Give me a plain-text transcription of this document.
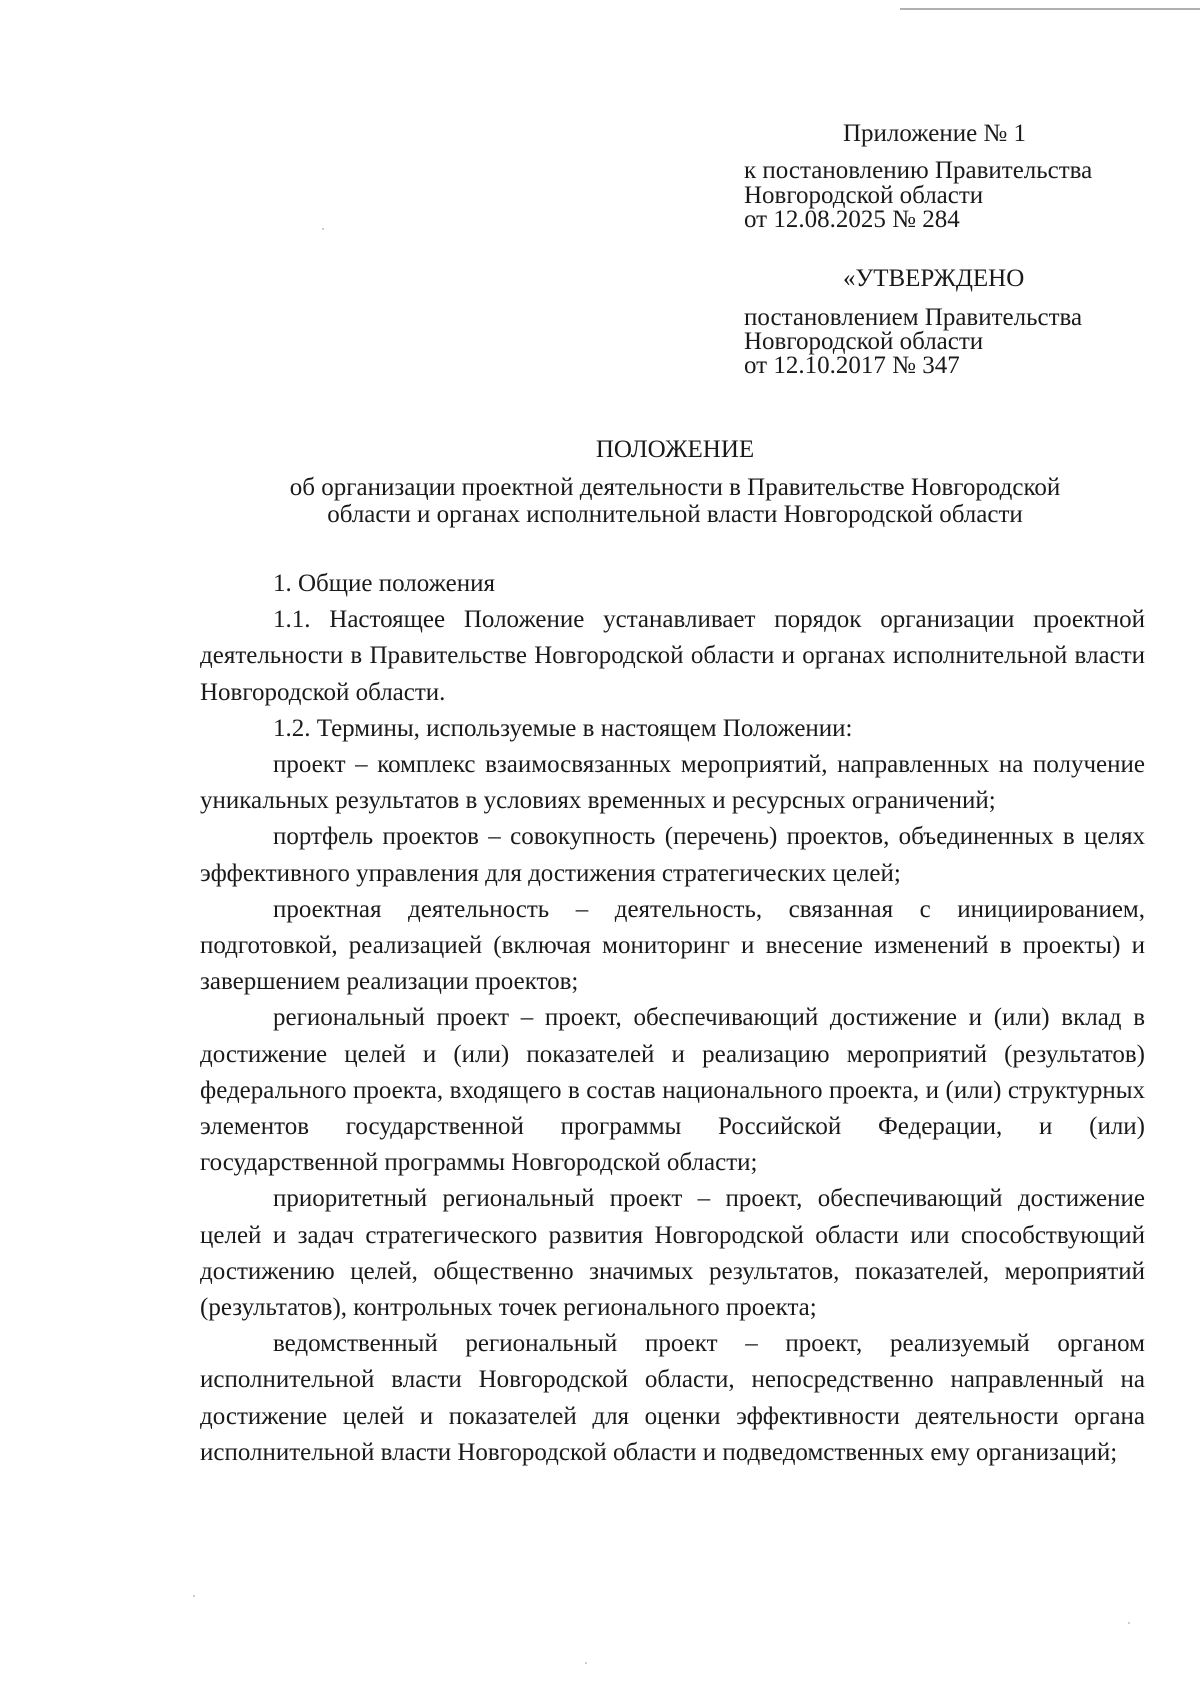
Приложение № 1
к постановлению Правительства
Новгородской области
от 12.08.2025 № 284
«УТВЕРЖДЕНО
постановлением Правительства
Новгородской области
от 12.10.2017 № 347
ПОЛОЖЕНИЕ
об организации проектной деятельности в Правительстве Новгородской
области и органах исполнительной власти Новгородской области

1. Общие положения

1.1. Настоящее Положение устанавливает порядок организации проектной деятельности в Правительстве Новгородской области и органах исполнительной власти Новгородской области.

1.2. Термины, используемые в настоящем Положении:

проект – комплекс взаимосвязанных мероприятий, направленных на получение уникальных результатов в условиях временных и ресурсных ограничений;

портфель проектов – совокупность (перечень) проектов, объединенных в целях эффективного управления для достижения стратегических целей;

проектная деятельность – деятельность, связанная с инициированием, подготовкой, реализацией (включая мониторинг и внесение изменений в проекты) и завершением реализации проектов;

региональный проект – проект, обеспечивающий достижение и (или) вклад в достижение целей и (или) показателей и реализацию мероприятий (результатов) федерального проекта, входящего в состав национального проекта, и (или) структурных элементов государственной программы Российской Федерации, и (или) государственной программы Новгородской области;

приоритетный региональный проект – проект, обеспечивающий достижение целей и задач стратегического развития Новгородской области или способствующий достижению целей, общественно значимых результатов, показателей, мероприятий (результатов), контрольных точек регионального проекта;

ведомственный региональный проект – проект, реализуемый органом исполнительной власти Новгородской области, непосредственно направленный на достижение целей и показателей для оценки эффективности деятельности органа исполнительной власти Новгородской области и подведомственных ему организаций;
